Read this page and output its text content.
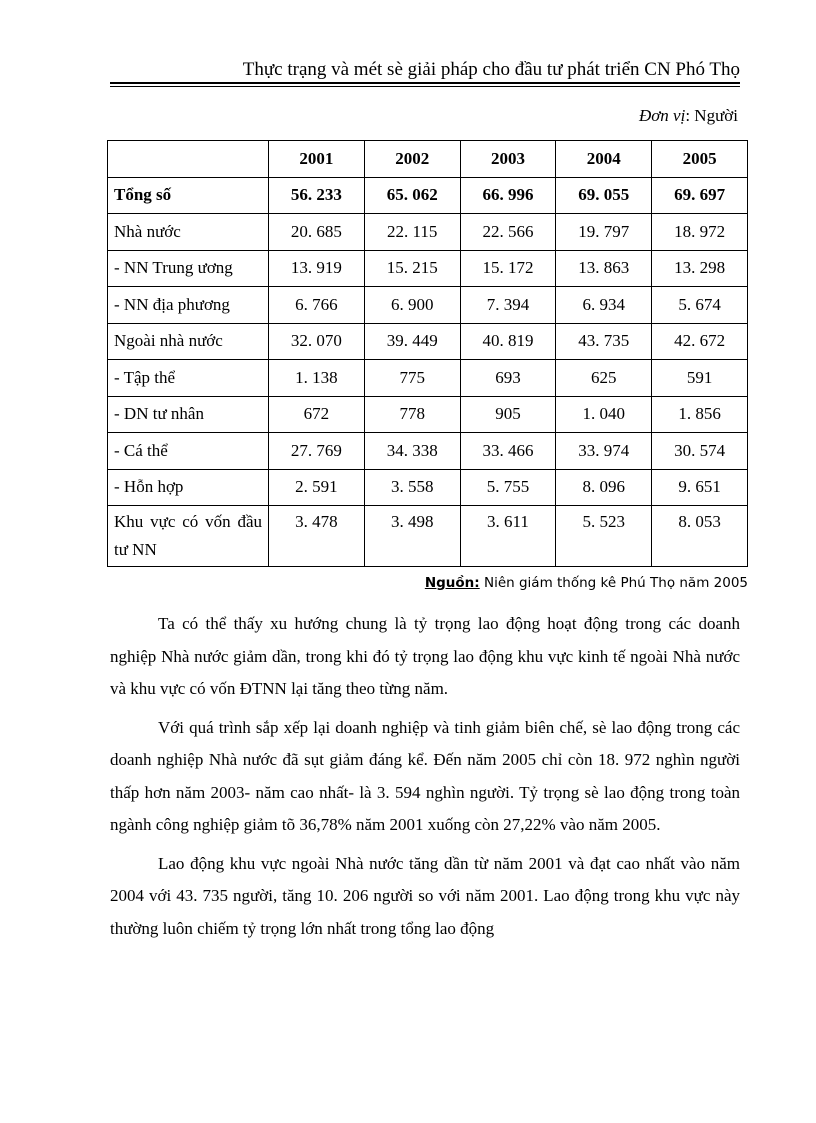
Thực trạng và mét sè giải pháp cho đầu tư phát triển CN Phó Thọ
Đơn vị: Người
	2001	2002	2003	2004	2005
Tổng số	56. 233	65. 062	66. 996	69. 055	69. 697
Nhà nước	20. 685	22. 115	22. 566	19. 797	18. 972
- NN Trung ương	13. 919	15. 215	15. 172	13. 863	13. 298
- NN địa phương	6. 766	6. 900	7. 394	6. 934	5. 674
Ngoài nhà nước	32. 070	39. 449	40. 819	43. 735	42. 672
- Tập thể	1. 138	775	693	625	591
- DN tư nhân	672	778	905	1. 040	1. 856
- Cá thể	27. 769	34. 338	33. 466	33. 974	30. 574
- Hỗn hợp	2. 591	3. 558	5. 755	8. 096	9. 651
Khu vực có vốn đầu tư NN	3. 478	3. 498	3. 611	5. 523	8. 053
Nguồn: Niên giám thống kê Phú Thọ năm 2005

Ta có thể thấy xu hướng chung là tỷ trọng lao động hoạt động trong các doanh nghiệp Nhà nước giảm dần, trong khi đó tỷ trọng lao động khu vực kinh tế ngoài Nhà nước và khu vực có vốn ĐTNN lại tăng theo từng năm.

Với quá trình sắp xếp lại doanh nghiệp và tinh giảm biên chế, sè lao động trong các doanh nghiệp Nhà nước đã sụt giảm đáng kể. Đến năm 2005 chỉ còn 18. 972 nghìn người thấp hơn năm 2003- năm cao nhất- là 3. 594 nghìn người. Tỷ trọng sè lao động trong toàn ngành công nghiệp giảm tõ 36,78% năm 2001 xuống còn 27,22% vào năm 2005.

Lao động khu vực ngoài Nhà nước tăng dần từ năm 2001 và đạt cao nhất vào năm 2004 với 43. 735 người, tăng 10. 206 người so với năm 2001. Lao động trong khu vực này thường luôn chiếm tỷ trọng lớn nhất trong tổng lao động
